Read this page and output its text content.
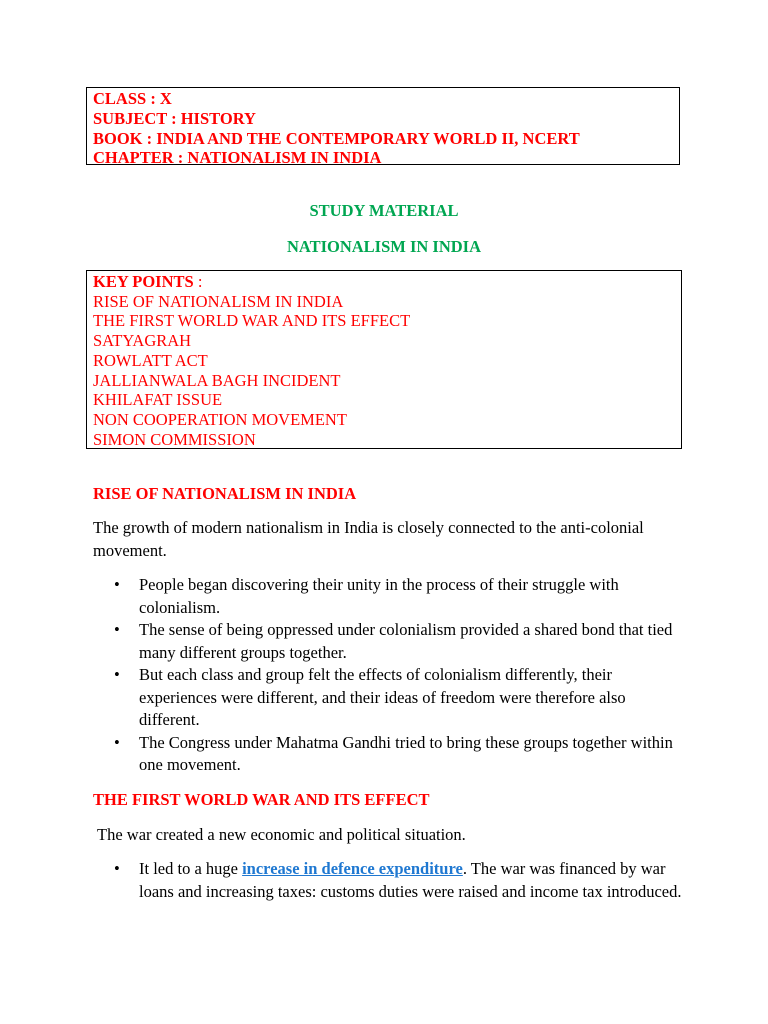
CLASS : X
SUBJECT : HISTORY
BOOK : INDIA AND THE CONTEMPORARY WORLD II, NCERT
CHAPTER : NATIONALISM IN INDIA
STUDY MATERIAL
NATIONALISM IN INDIA
KEY POINTS :
RISE OF NATIONALISM IN INDIA
THE FIRST WORLD WAR AND ITS EFFECT
SATYAGRAH
ROWLATT ACT
JALLIANWALA BAGH INCIDENT
KHILAFAT ISSUE
NON COOPERATION MOVEMENT
SIMON COMMISSION
RISE OF NATIONALISM IN INDIA
The growth of modern nationalism in India is closely connected to the anti-colonial movement.
• People began discovering their unity in the process of their struggle with colonialism.
• The sense of being oppressed under colonialism provided a shared bond that tied many different groups together.
• But each class and group felt the effects of colonialism differently, their experiences were different, and their ideas of freedom were therefore also different.
• The Congress under Mahatma Gandhi tried to bring these groups together within one movement.
THE FIRST WORLD WAR AND ITS EFFECT
The war created a new economic and political situation.
• It led to a huge increase in defence expenditure. The war was financed by war loans and increasing taxes: customs duties were raised and income tax introduced.
